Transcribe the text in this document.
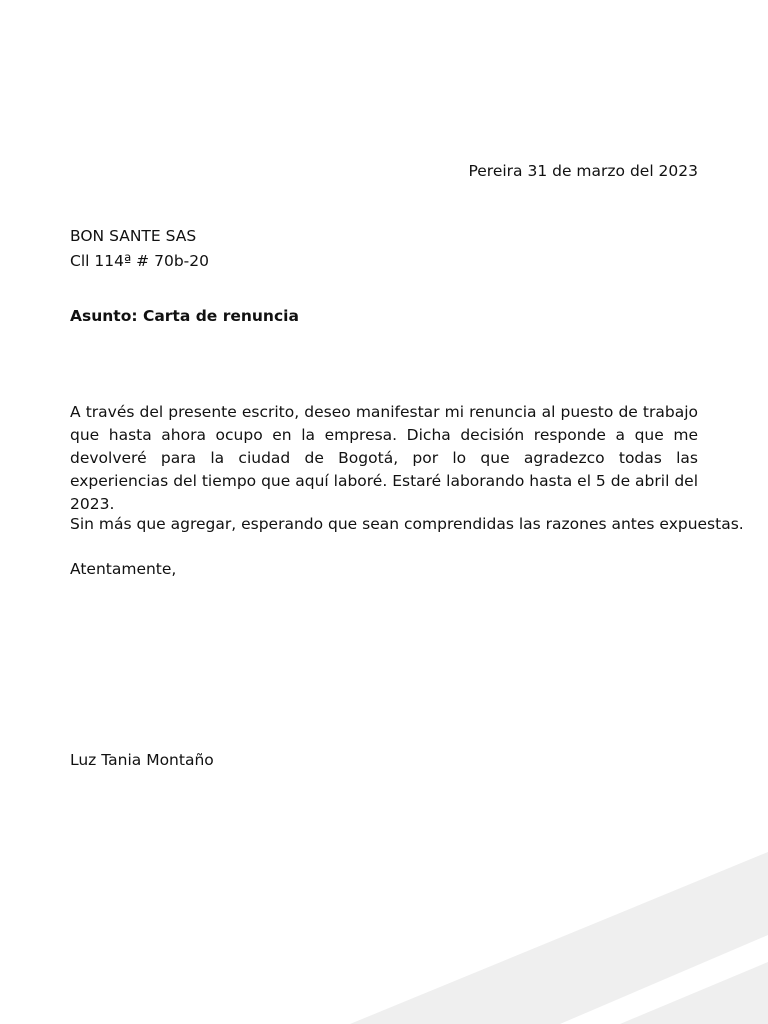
Pereira 31 de marzo del 2023
BON SANTE SAS
Cll 114ª # 70b-20
Asunto: Carta de renuncia
A través del presente escrito, deseo manifestar mi renuncia al puesto de trabajo que hasta ahora ocupo en la empresa. Dicha decisión responde a que me devolveré para la ciudad de Bogotá, por lo que agradezco todas las experiencias del tiempo que aquí laboré. Estaré laborando hasta el 5 de abril del 2023.
Sin más que agregar, esperando que sean comprendidas las razones antes expuestas.
Atentamente,
Luz Tania Montaño
